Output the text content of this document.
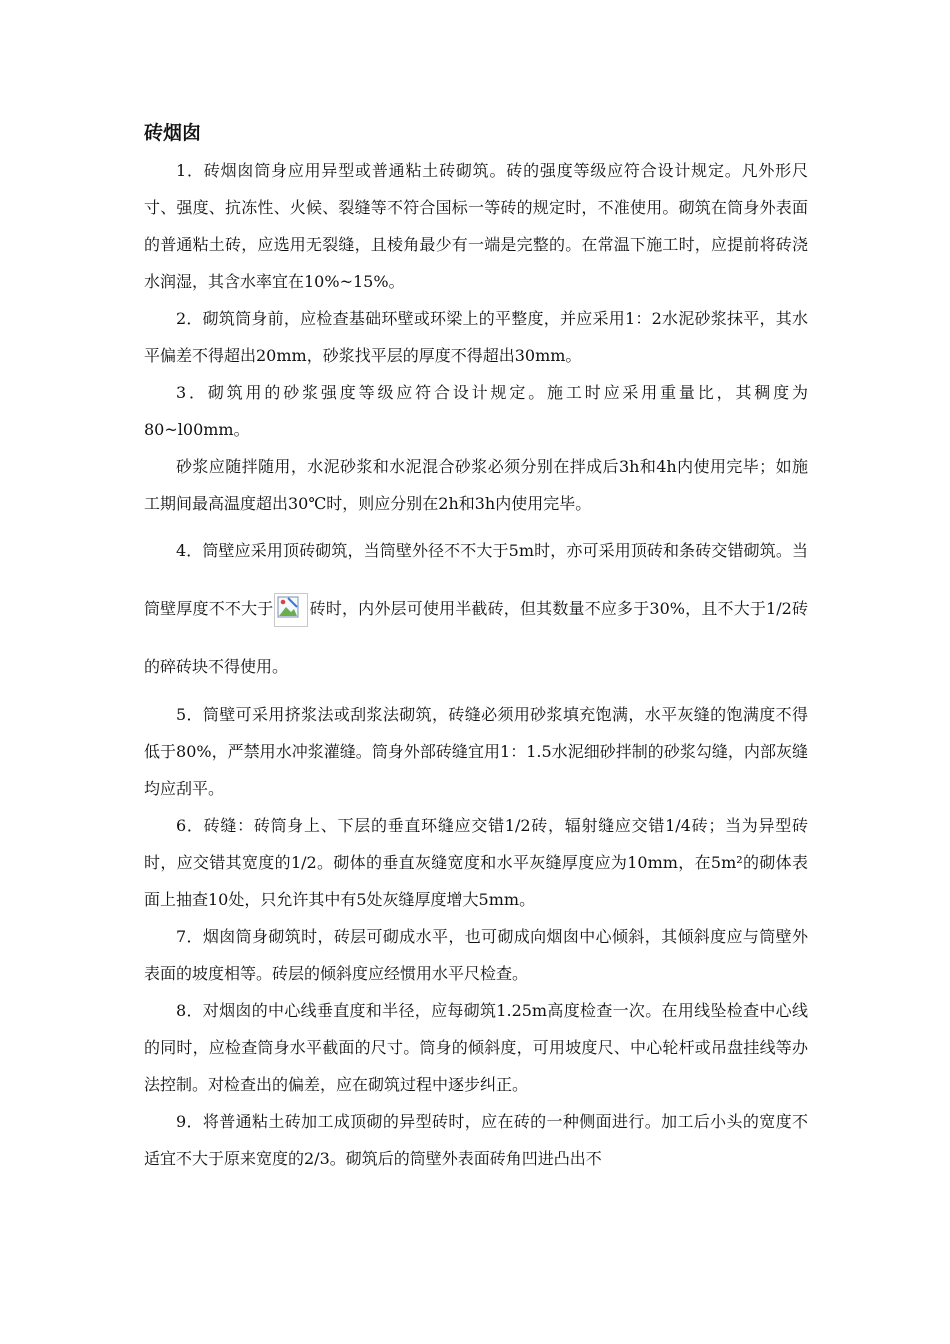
砖烟囱

1．砖烟囱筒身应用异型或普通粘土砖砌筑。砖的强度等级应符合设计规定。凡外形尺寸、强度、抗冻性、火候、裂缝等不符合国标一等砖的规定时，不准使用。砌筑在筒身外表面的普通粘土砖，应选用无裂缝，且棱角最少有一端是完整的。在常温下施工时，应提前将砖浇水润湿，其含水率宜在10%~15%。

2．砌筑筒身前，应检查基础环壁或环梁上的平整度，并应采用1：2水泥砂浆抹平，其水平偏差不得超出20mm，砂浆找平层的厚度不得超出30mm。

3．砌筑用的砂浆强度等级应符合设计规定。施工时应采用重量比，其稠度为80~l00mm。

砂浆应随拌随用，水泥砂浆和水泥混合砂浆必须分别在拌成后3h和4h内使用完毕；如施工期间最高温度超出30℃时，则应分别在2h和3h内使用完毕。

4．筒壁应采用顶砖砌筑，当筒壁外径不不大于5m时，亦可采用顶砖和条砖交错砌筑。当筒壁厚度不不大于 砖时，内外层可使用半截砖，但其数量不应多于30%，且不大于1/2砖的碎砖块不得使用。

5．筒壁可采用挤浆法或刮浆法砌筑，砖缝必须用砂浆填充饱满，水平灰缝的饱满度不得低于80%，严禁用水冲浆灌缝。筒身外部砖缝宜用1：1.5水泥细砂拌制的砂浆勾缝，内部灰缝均应刮平。

6．砖缝：砖筒身上、下层的垂直环缝应交错1/2砖，辐射缝应交错1/4砖；当为异型砖时，应交错其宽度的1/2。砌体的垂直灰缝宽度和水平灰缝厚度应为10mm，在5m²的砌体表面上抽查10处，只允许其中有5处灰缝厚度增大5mm。

7．烟囱筒身砌筑时，砖层可砌成水平，也可砌成向烟囱中心倾斜，其倾斜度应与筒壁外表面的坡度相等。砖层的倾斜度应经惯用水平尺检查。

8．对烟囱的中心线垂直度和半径，应每砌筑1.25m高度检查一次。在用线坠检查中心线的同时，应检查筒身水平截面的尺寸。筒身的倾斜度，可用坡度尺、中心轮杆或吊盘挂线等办法控制。对检查出的偏差，应在砌筑过程中逐步纠正。

9．将普通粘土砖加工成顶砌的异型砖时，应在砖的一种侧面进行。加工后小头的宽度不适宜不大于原来宽度的2/3。砌筑后的筒壁外表面砖角凹进凸出不
